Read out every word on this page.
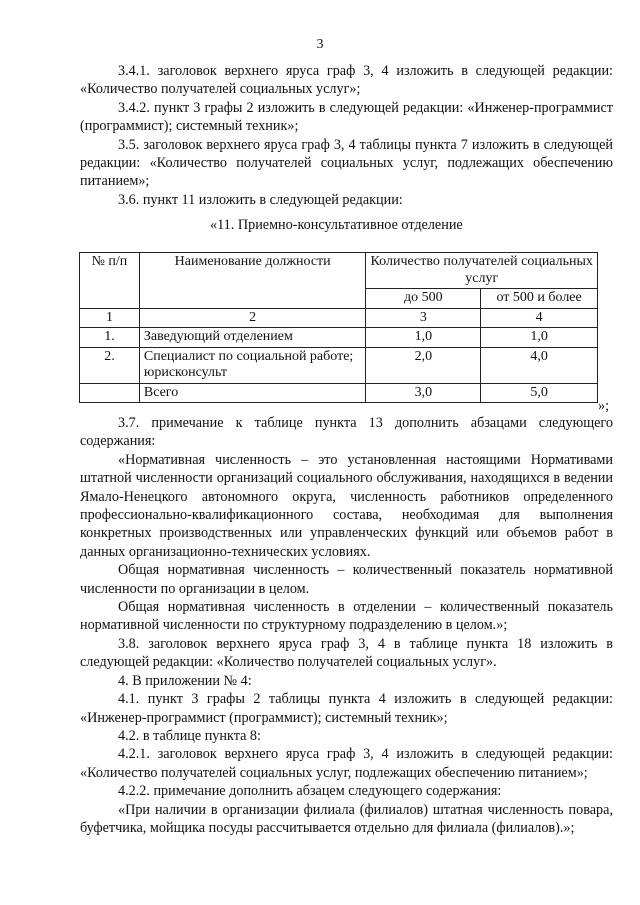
3

3.4.1. заголовок верхнего яруса граф 3, 4 изложить в следующей редакции: «Количество получателей социальных услуг»;

3.4.2. пункт 3 графы 2 изложить в следующей редакции: «Инженер-программист (программист); системный техник»;

3.5. заголовок верхнего яруса граф 3, 4 таблицы пункта 7 изложить в следующей редакции: «Количество получателей социальных услуг, подлежащих обеспечению питанием»;

3.6. пункт 11 изложить в следующей редакции:

«11. Приемно-консультативное отделение
№ п/п	Наименование должности	Количество получателей социальных услуг	
		до 500	от 500 и более
1	2	3	4
1.	Заведующий отделением	1,0	1,0
2.	Специалист по социальной работе; юрисконсульт	2,0	4,0
	Всего	3,0	5,0
»;

3.7. примечание к таблице пункта 13 дополнить абзацами следующего содержания:

«Нормативная численность – это установленная настоящими Нормативами штатной численности организаций социального обслуживания, находящихся в ведении Ямало-Ненецкого автономного округа, численность работников определенного профессионально-квалификационного состава, необходимая для выполнения конкретных производственных или управленческих функций или объемов работ в данных организационно-технических условиях.

Общая нормативная численность – количественный показатель нормативной численности по организации в целом.

Общая нормативная численность в отделении – количественный показатель нормативной численности по структурному подразделению в целом.»;

3.8. заголовок верхнего яруса граф 3, 4 в таблице пункта 18 изложить в следующей редакции: «Количество получателей социальных услуг».

4. В приложении № 4:

4.1. пункт 3 графы 2 таблицы пункта 4 изложить в следующей редакции: «Инженер-программист (программист); системный техник»;

4.2. в таблице пункта 8:

4.2.1. заголовок верхнего яруса граф 3, 4 изложить в следующей редакции: «Количество получателей социальных услуг, подлежащих обеспечению питанием»;

4.2.2. примечание дополнить абзацем следующего содержания:

«При наличии в организации филиала (филиалов) штатная численность повара, буфетчика, мойщика посуды рассчитывается отдельно для филиала (филиалов).»;
